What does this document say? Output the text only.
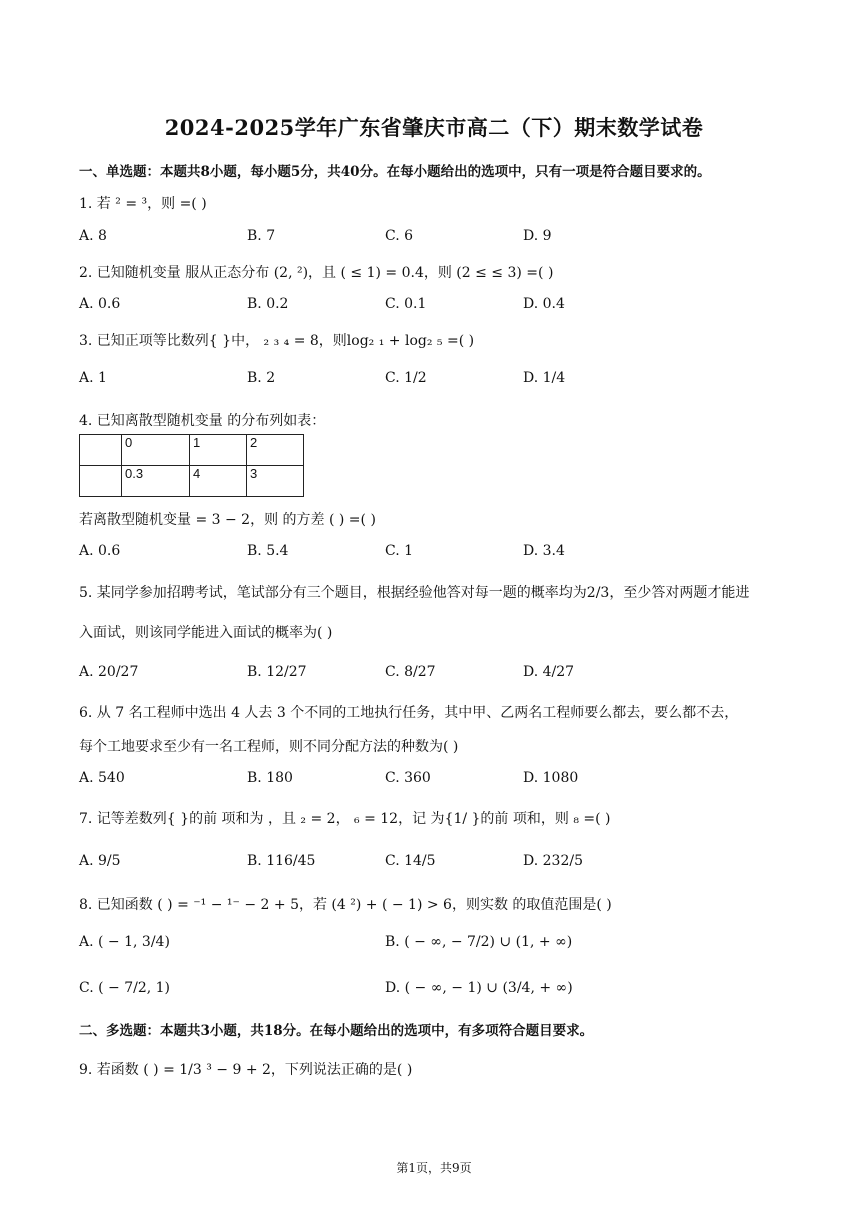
2024-2025学年广东省肇庆市高二（下）期末数学试卷
一、单选题：本题共8小题，每小题5分，共40分。在每小题给出的选项中，只有一项是符合题目要求的。
1. 若 ² = ³，则 =( )
A. 8	B. 7	C. 6	D. 9
2. 已知随机变量 服从正态分布 (2, ²)，且 ( ≤ 1) = 0.4，则 (2 ≤ ≤ 3) =( )
A. 0.6	B. 0.2	C. 0.1	D. 0.4
3. 已知正项等比数列{ }中， ₂ ₃ ₄ = 8，则log₂ ₁ + log₂ ₅ =( )
A. 1	B. 2	C. 1/2	D. 1/4
4. 已知离散型随机变量 的分布列如表：
	0	1	2
	0.3	4	3
若离散型随机变量 = 3 − 2，则 的方差 ( ) =( )
A. 0.6	B. 5.4	C. 1	D. 3.4
5. 某同学参加招聘考试，笔试部分有三个题目，根据经验他答对每一题的概率均为2/3，至少答对两题才能进
入面试，则该同学能进入面试的概率为( )
A. 20/27	B. 12/27	C. 8/27	D. 4/27
6. 从 7 名工程师中选出 4 人去 3 个不同的工地执行任务，其中甲、乙两名工程师要么都去，要么都不去，
每个工地要求至少有一名工程师，则不同分配方法的种数为( )
A. 540	B. 180	C. 360	D. 1080
7. 记等差数列{ }的前 项和为 ，且 ₂ = 2， ₆ = 12，记 为{1/ }的前 项和，则 ₈ =( )
A. 9/5	B. 116/45	C. 14/5	D. 232/5
8. 已知函数 ( ) = ⁻¹ − ¹⁻ − 2 + 5，若 (4 ²) + ( − 1) > 6，则实数 的取值范围是( )
A. ( − 1, 3/4)	B. ( − ∞, − 7/2) ∪ (1, + ∞)
C. ( − 7/2, 1)	D. ( − ∞, − 1) ∪ (3/4, + ∞)
二、多选题：本题共3小题，共18分。在每小题给出的选项中，有多项符合题目要求。
9. 若函数 ( ) = 1/3 ³ − 9 + 2，下列说法正确的是( )
第1页，共9页
